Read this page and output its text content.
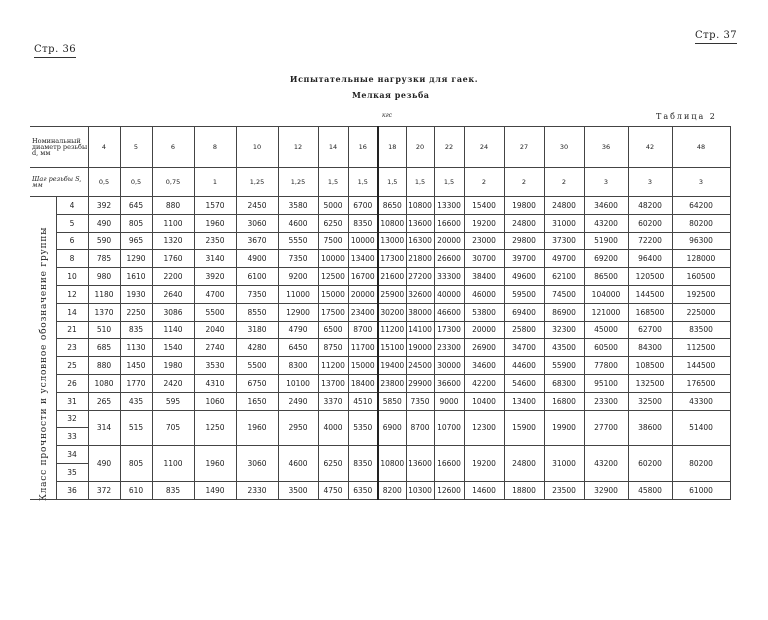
Стр. 36
Стр. 37
Испытательные нагрузки для гаек.
Мелкая резьба
кгс	Таблица 2
Класс прочности и условное обозначение группы
Номинальный диаметр резьбы d, мм		4	5	6	8	10	12	14	16	18	20	22	24	27	30	36	42	48
Шаг резьбы S, мм		0,5	0,5	0,75	1	1,25	1,25	1,5	1,5	1,5	1,5	1,5	2	2	2	3	3	3
	4	392	645	880	1570	2450	3580	5000	6700	8650	10800	13300	15400	19800	24800	34600	48200	64200
	5	490	805	1100	1960	3060	4600	6250	8350	10800	13600	16600	19200	24800	31000	43200	60200	80200
	6	590	965	1320	2350	3670	5550	7500	10000	13000	16300	20000	23000	29800	37300	51900	72200	96300
	8	785	1290	1760	3140	4900	7350	10000	13400	17300	21800	26600	30700	39700	49700	69200	96400	128000
	10	980	1610	2200	3920	6100	9200	12500	16700	21600	27200	33300	38400	49600	62100	86500	120500	160500
	12	1180	1930	2640	4700	7350	11000	15000	20000	25900	32600	40000	46000	59500	74500	104000	144500	192500
	14	1370	2250	3086	5500	8550	12900	17500	23400	30200	38000	46600	53800	69400	86900	121000	168500	225000
	21	510	835	1140	2040	3180	4790	6500	8700	11200	14100	17300	20000	25800	32300	45000	62700	83500
	23	685	1130	1540	2740	4280	6450	8750	11700	15100	19000	23300	26900	34700	43500	60500	84300	112500
	25	880	1450	1980	3530	5500	8300	11200	15000	19400	24500	30000	34600	44600	55900	77800	108500	144500
	26	1080	1770	2420	4310	6750	10100	13700	18400	23800	29900	36600	42200	54600	68300	95100	132500	176500
	31	265	435	595	1060	1650	2490	3370	4510	5850	7350	9000	10400	13400	16800	23300	32500	43300
	32	314	515	705	1250	1960	2950	4000	5350	6900	8700	10700	12300	15900	19900	27700	38600	51400
	33																	
	34	490	805	1100	1960	3060	4600	6250	8350	10800	13600	16600	19200	24800	31000	43200	60200	80200
	35																	
	36	372	610	835	1490	2330	3500	4750	6350	8200	10300	12600	14600	18800	23500	32900	45800	61000
